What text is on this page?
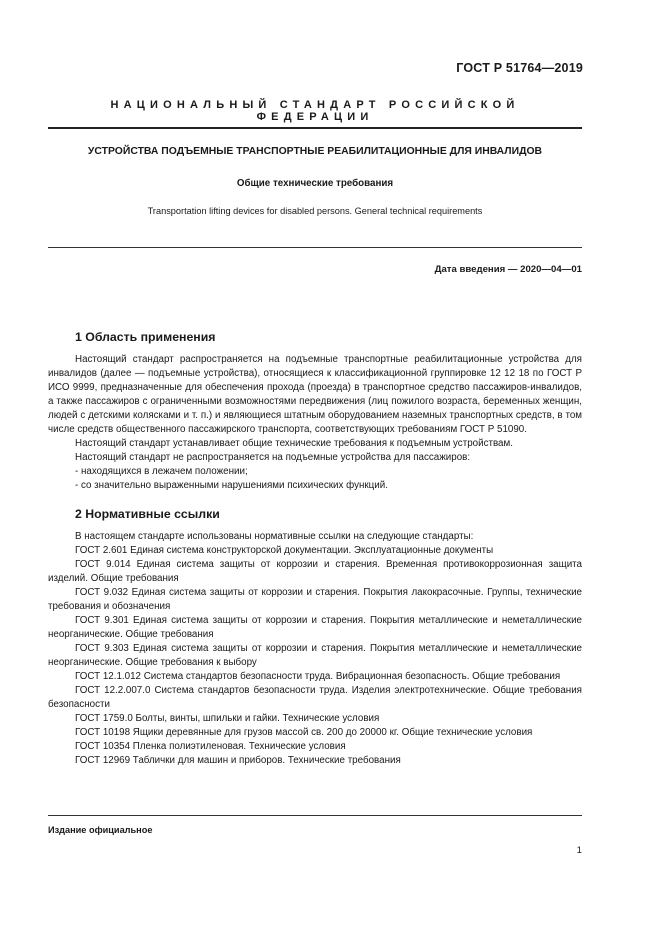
ГОСТ Р 51764—2019
НАЦИОНАЛЬНЫЙ СТАНДАРТ РОССИЙСКОЙ ФЕДЕРАЦИИ
УСТРОЙСТВА ПОДЪЕМНЫЕ ТРАНСПОРТНЫЕ РЕАБИЛИТАЦИОННЫЕ ДЛЯ ИНВАЛИДОВ
Общие технические требования
Transportation lifting devices for disabled persons. General technical requirements
Дата введения — 2020—04—01
1 Область применения

Настоящий стандарт распространяется на подъемные транспортные реабилитационные устройства для инвалидов (далее — подъемные устройства), относящиеся к классификационной группировке 12 12 18 по ГОСТ Р ИСО 9999, предназначенные для обеспечения прохода (проезда) в транспортное средство пассажиров-инвалидов, а также пассажиров с ограниченными возможностями передвижения (лиц пожилого возраста, беременных женщин, людей с детскими колясками и т. п.) и являющиеся штатным оборудованием наземных транспортных средств, в том числе средств общественного пассажирского транспорта, соответствующих требованиям ГОСТ Р 51090.

Настоящий стандарт устанавливает общие технические требования к подъемным устройствам.

Настоящий стандарт не распространяется на подъемные устройства для пассажиров:

- находящихся в лежачем положении;

- со значительно выраженными нарушениями психических функций.

2 Нормативные ссылки

В настоящем стандарте использованы нормативные ссылки на следующие стандарты:

ГОСТ 2.601 Единая система конструкторской документации. Эксплуатационные документы

ГОСТ 9.014 Единая система защиты от коррозии и старения. Временная противокоррозионная защита изделий. Общие требования

ГОСТ 9.032 Единая система защиты от коррозии и старения. Покрытия лакокрасочные. Группы, технические требования и обозначения

ГОСТ 9.301 Единая система защиты от коррозии и старения. Покрытия металлические и неметаллические неорганические. Общие требования

ГОСТ 9.303 Единая система защиты от коррозии и старения. Покрытия металлические и неметаллические неорганические. Общие требования к выбору

ГОСТ 12.1.012 Система стандартов безопасности труда. Вибрационная безопасность. Общие требования

ГОСТ 12.2.007.0 Система стандартов безопасности труда. Изделия электротехнические. Общие требования безопасности

ГОСТ 1759.0 Болты, винты, шпильки и гайки. Технические условия

ГОСТ 10198 Ящики деревянные для грузов массой св. 200 до 20000 кг. Общие технические условия

ГОСТ 10354 Пленка полиэтиленовая. Технические условия

ГОСТ 12969 Таблички для машин и приборов. Технические требования

Издание официальное
1
